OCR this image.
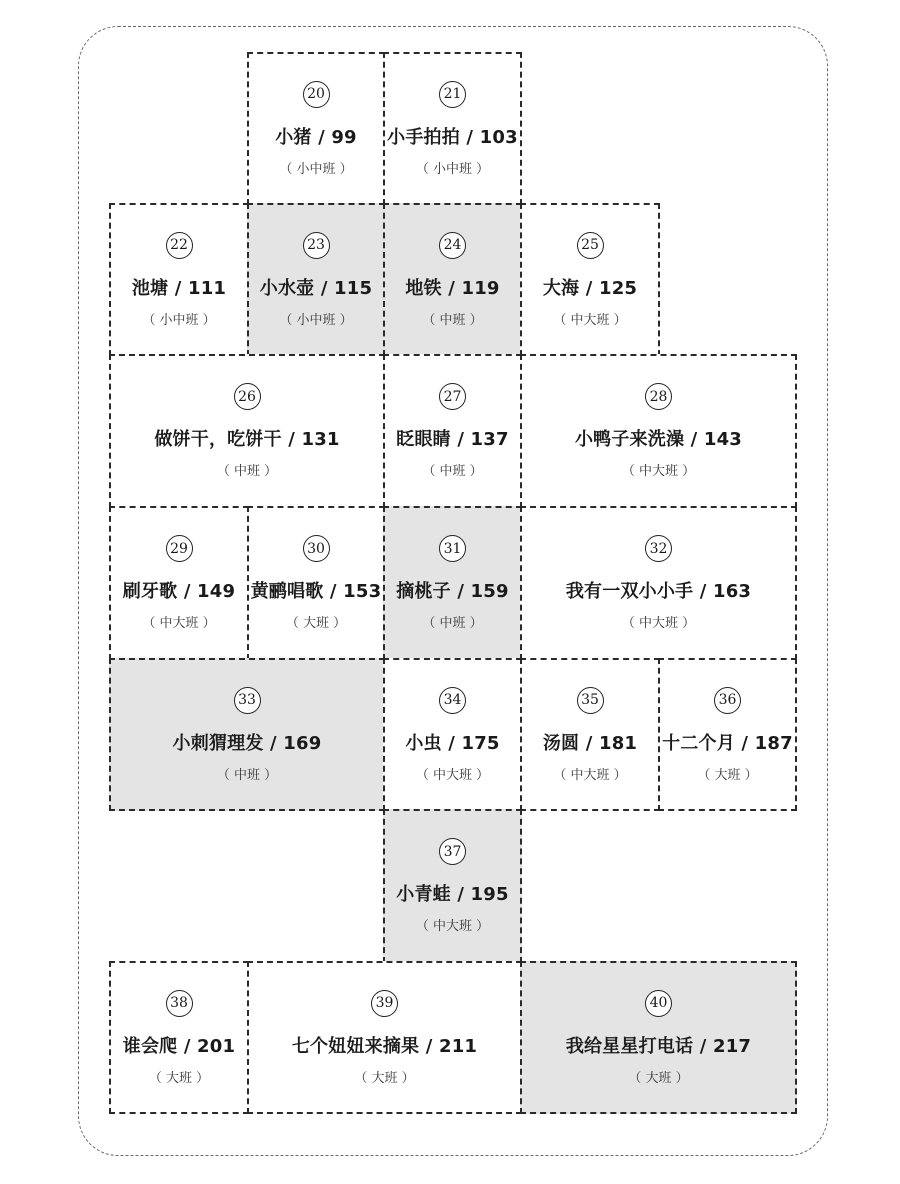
20
小猪 / 99
（ 小中班 ）
21
小手拍拍 / 103
（ 小中班 ）
22
池塘 / 111
（ 小中班 ）
23
小水壶 / 115
（ 小中班 ）
24
地铁 / 119
（ 中班 ）
25
大海 / 125
（ 中大班 ）
26
做饼干，吃饼干 / 131
（ 中班 ）
27
眨眼睛 / 137
（ 中班 ）
28
小鸭子来洗澡 / 143
（ 中大班 ）
29
刷牙歌 / 149
（ 中大班 ）
30
黄鹂唱歌 / 153
（ 大班 ）
31
摘桃子 / 159
（ 中班 ）
32
我有一双小小手 / 163
（ 中大班 ）
33
小刺猬理发 / 169
（ 中班 ）
34
小虫 / 175
（ 中大班 ）
35
汤圆 / 181
（ 中大班 ）
36
十二个月 / 187
（ 大班 ）
37
小青蛙 / 195
（ 中大班 ）
38
谁会爬 / 201
（ 大班 ）
39
七个妞妞来摘果 / 211
（ 大班 ）
40
我给星星打电话 / 217
（ 大班 ）
